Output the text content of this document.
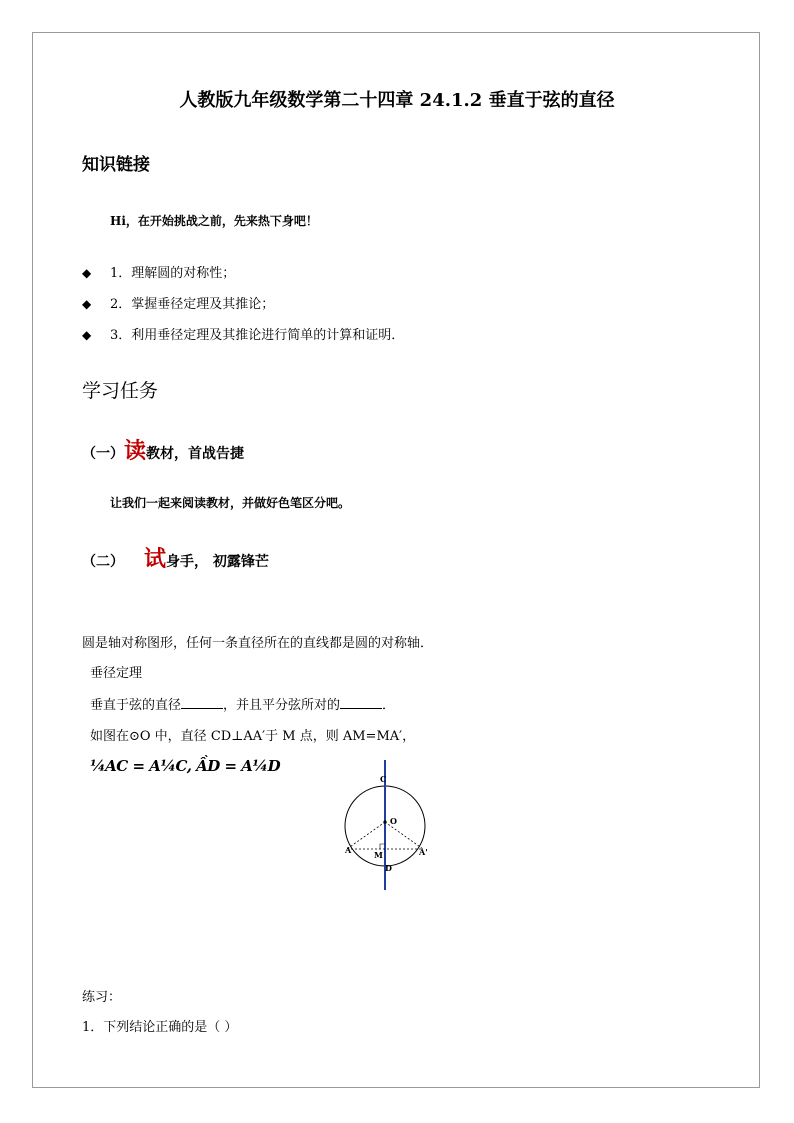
人教版九年级数学第二十四章 24.1.2 垂直于弦的直径
知识链接
Hi，在开始挑战之前，先来热下身吧！
◆ 1．理解圆的对称性；
◆ 2．掌握垂径定理及其推论；
◆ 3．利用垂径定理及其推论进行简单的计算和证明．
学习任务
（一）读教材，首战告捷
让我们一起来阅读教材，并做好色笔区分吧。
（二） 试身手， 初露锋芒
圆是轴对称图形，任何一条直径所在的直线都是圆的对称轴．
垂径定理
垂直于弦的直径	，并且平分弦所对的	．
如图在⊙O 中，直径 CD⊥AA′于 M 点，则 AM=MA′，
¼AC = A¼C, ẦD = A¼D
C
O
A	A'
M
D
练习：
1．下列结论正确的是（ ）
